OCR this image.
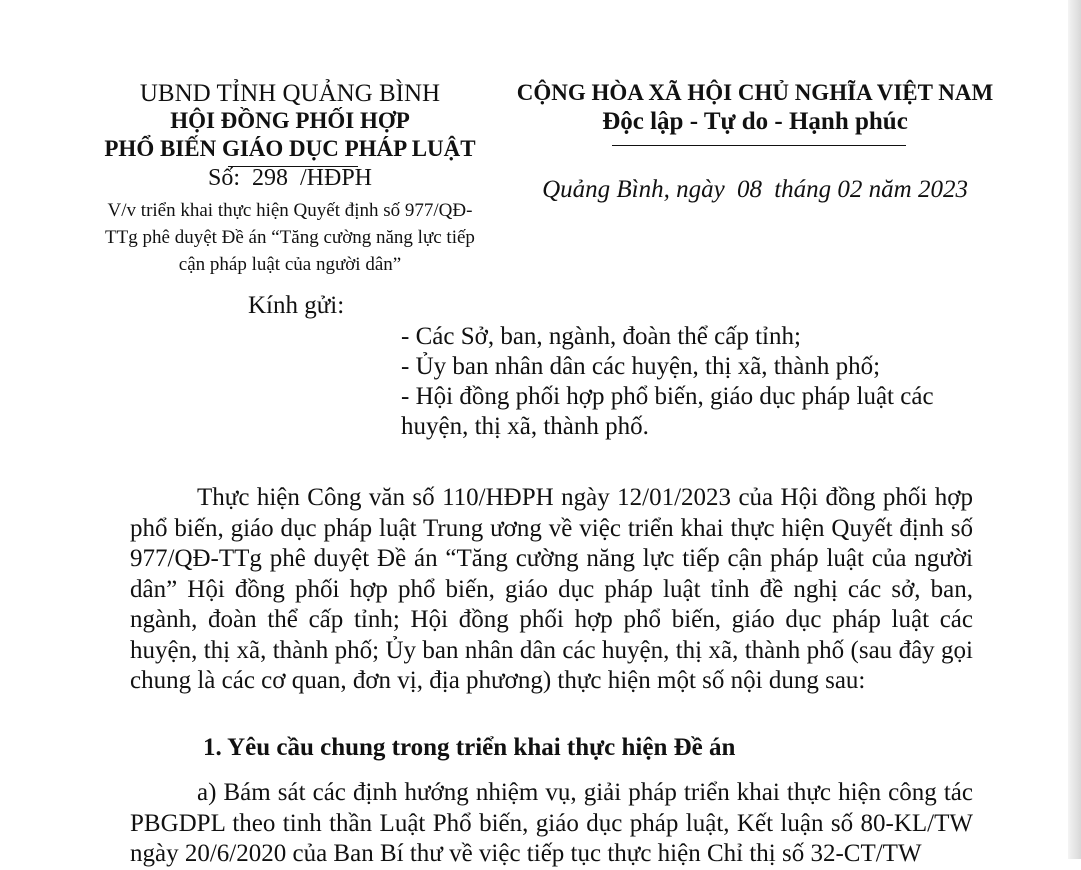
UBND TỈNH QUẢNG BÌNH
HỘI ĐỒNG PHỐI HỢP
PHỔ BIẾN GIÁO DỤC PHÁP LUẬT
Số: 298 /HĐPH
V/v triển khai thực hiện Quyết định số 977/QĐ-TTg phê duyệt Đề án “Tăng cường năng lực tiếp cận pháp luật của người dân”
CỘNG HÒA XÃ HỘI CHỦ NGHĨA VIỆT NAM
Độc lập - Tự do - Hạnh phúc
Quảng Bình, ngày 08 tháng 02 năm 2023
Kính gửi:
- Các Sở, ban, ngành, đoàn thể cấp tỉnh;
- Ủy ban nhân dân các huyện, thị xã, thành phố;
- Hội đồng phối hợp phổ biến, giáo dục pháp luật các huyện, thị xã, thành phố.

Thực hiện Công văn số 110/HĐPH ngày 12/01/2023 của Hội đồng phối hợp phổ biến, giáo dục pháp luật Trung ương về việc triển khai thực hiện Quyết định số 977/QĐ-TTg phê duyệt Đề án “Tăng cường năng lực tiếp cận pháp luật của người dân” Hội đồng phối hợp phổ biến, giáo dục pháp luật tỉnh đề nghị các sở, ban, ngành, đoàn thể cấp tỉnh; Hội đồng phối hợp phổ biến, giáo dục pháp luật các huyện, thị xã, thành phố; Ủy ban nhân dân các huyện, thị xã, thành phố (sau đây gọi chung là các cơ quan, đơn vị, địa phương) thực hiện một số nội dung sau:

1. Yêu cầu chung trong triển khai thực hiện Đề án

a) Bám sát các định hướng nhiệm vụ, giải pháp triển khai thực hiện công tác PBGDPL theo tinh thần Luật Phổ biến, giáo dục pháp luật, Kết luận số 80-KL/TW ngày 20/6/2020 của Ban Bí thư về việc tiếp tục thực hiện Chỉ thị số 32-CT/TW
